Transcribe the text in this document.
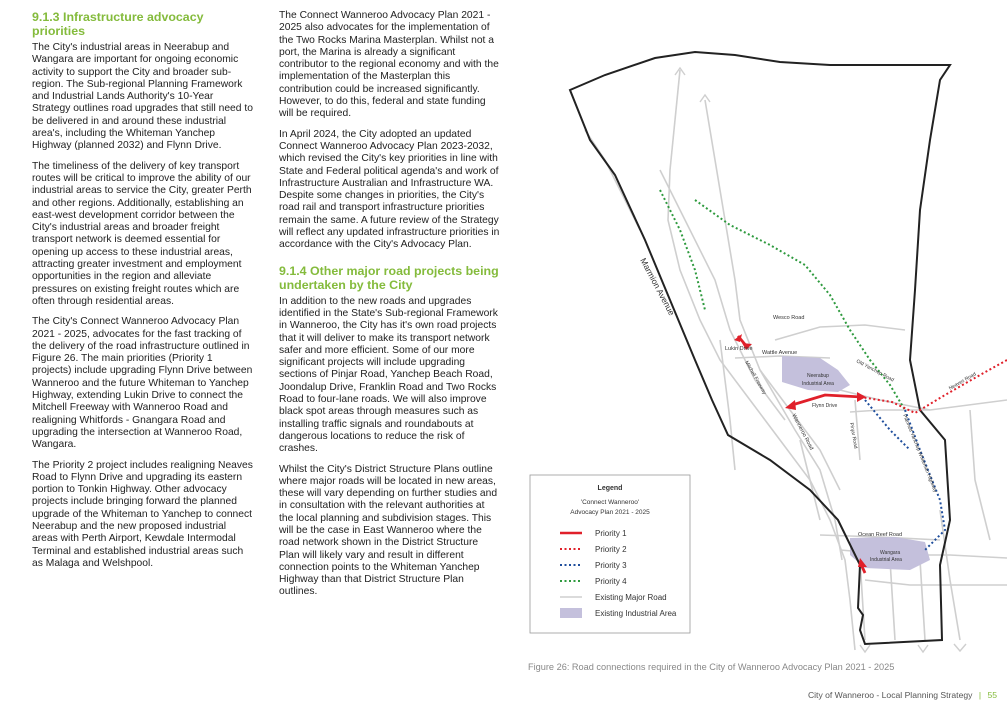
9.1.3 Infrastructure advocacy priorities

The City's industrial areas in Neerabup and Wangara are important for ongoing economic activity to support the City and broader sub-region. The Sub-regional Planning Framework and Industrial Lands Authority's 10-Year Strategy outlines road upgrades that still need to be delivered in and around these industrial area's, including the Whiteman Yanchep Highway (planned 2032) and Flynn Drive.

The timeliness of the delivery of key transport routes will be critical to improve the ability of our industrial areas to service the City, greater Perth and other regions. Additionally, establishing an east-west development corridor between the City's industrial areas and broader freight transport network is deemed essential for opening up access to these industrial areas, attracting greater investment and employment opportunities in the region and alleviate pressures on existing freight routes which are often through residential areas.

The City's Connect Wanneroo Advocacy Plan 2021 - 2025, advocates for the fast tracking of the delivery of the road infrastructure outlined in Figure 26. The main priorities (Priority 1 projects) include upgrading Flynn Drive between Wanneroo and the future Whiteman to Yanchep Highway, extending Lukin Drive to connect the Mitchell Freeway with Wanneroo Road and realigning Whitfords - Gnangara Road and upgrading the intersection at Wanneroo Road, Wangara.

The Priority 2 project includes realigning Neaves Road to Flynn Drive and upgrading its eastern portion to Tonkin Highway. Other advocacy projects include bringing forward the planned upgrade of the Whiteman to Yanchep to connect Neerabup and the new proposed industrial areas with Perth Airport, Kewdale Intermodal Terminal and established industrial areas such as Malaga and Welshpool.

The Connect Wanneroo Advocacy Plan 2021 - 2025 also advocates for the implementation of the Two Rocks Marina Masterplan. Whilst not a port, the Marina is already a significant contributor to the regional economy and with the implementation of the Masterplan this contribution could be increased significantly. However, to do this, federal and state funding will be required.

In April 2024, the City adopted an updated Connect Wanneroo Advocacy Plan 2023-2032, which revised the City's key priorities in line with State and Federal political agenda's and work of Infrastructure Australian and Infrastructure WA. Despite some changes in priorities, the City's road rail and transport infrastructure priorities remain the same. A future review of the Strategy will reflect any updated infrastructure priorities in accordance with the City's Advocacy Plan.

9.1.4 Other major road projects being undertaken by the City

In addition to the new roads and upgrades identified in the State's Sub-regional Framework in Wanneroo, the City has it's own road projects that it will deliver to make its transport network safer and more efficient. Some of our more significant projects will include upgrading sections of Pinjar Road, Yanchep Beach Road, Joondalup Drive, Franklin Road and Two Rocks Road to four-lane roads. We will also improve black spot areas through measures such as installing traffic signals and roundabouts at dangerous locations to reduce the risk of crashes.

Whilst the City's District Structure Plans outline where major roads will be located in new areas, these will vary depending on further studies and in consultation with the relevant authorities at the local planning and subdivision stages. This will be the case in East Wanneroo where the road network shown in the District Structure Plan will likely vary and result in different connection points to the Whiteman Yanchep Highway than that District Structure Plan outlines.

Marmion Avenue
Wesco Road
Lukin Drive
Wattle Avenue
Mitchell Freeway	Neerabup
Industrial Area
Old Yanchep Road	Neaves Road
Flynn Drive
Wanneroo Road	Pinjar Road	Planned Yanchep Whiteman Highway
Ocean Reef Road
Wangara
Industrial Area
Legend
'Connect Wanneroo'
Advocacy Plan 2021 - 2025
Priority 1
Priority 2
Priority 3
Priority 4
Existing Major Road
Existing Industrial Area
Figure 26: Road connections required in the City of Wanneroo Advocacy Plan 2021 - 2025
City of Wanneroo - Local Planning Strategy | 55
